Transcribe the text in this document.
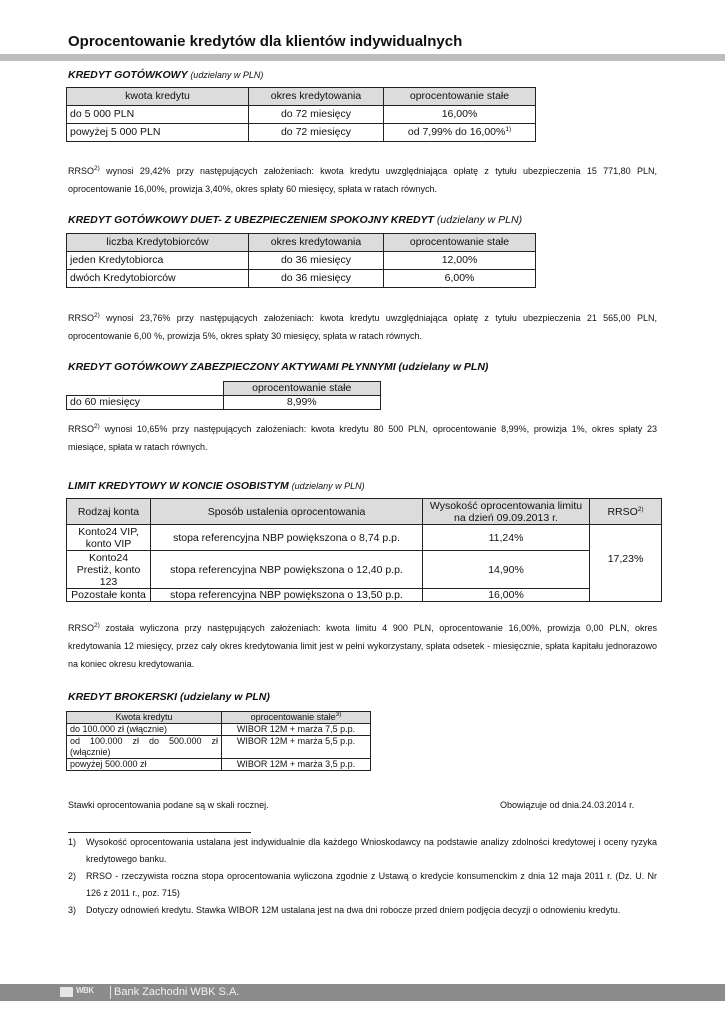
Oprocentowanie kredytów dla klientów indywidualnych
KREDYT GOTÓWKOWY (udzielany w PLN)
kwota kredytu	okres kredytowania	oprocentowanie stałe
do 5 000 PLN	do 72 miesięcy	16,00%
powyżej 5 000 PLN	do 72 miesięcy	od 7,99% do 16,00%$^{1)}$
RRSO$^{2)}$ wynosi 29,42% przy następujących założeniach: kwota kredytu uwzględniająca opłatę z tytułu ubezpieczenia 15 771,80 PLN, oprocentowanie 16,00%, prowizja 3,40%, okres spłaty 60 miesięcy, spłata w ratach równych.
KREDYT GOTÓWKOWY DUET- Z UBEZPIECZENIEM SPOKOJNY KREDYT (udzielany w PLN)
liczba Kredytobiorców	okres kredytowania	oprocentowanie stałe
jeden Kredytobiorca	do 36 miesięcy	12,00%
dwóch Kredytobiorców	do 36 miesięcy	6,00%
RRSO$^{2)}$ wynosi 23,76% przy następujących założeniach: kwota kredytu uwzględniająca opłatę z tytułu ubezpieczenia 21 565,00 PLN, oprocentowanie 6,00 %, prowizja 5%, okres spłaty 30 miesięcy, spłata w ratach równych.
KREDYT GOTÓWKOWY ZABEZPIECZONY AKTYWAMI PŁYNNYMI (udzielany w PLN)
	oprocentowanie stałe
do 60 miesięcy	8,99%
RRSO$^{2)}$ wynosi 10,65% przy następujących założeniach: kwota kredytu 80 500 PLN, oprocentowanie 8,99%, prowizja 1%, okres spłaty 23 miesiące, spłata w ratach równych.
LIMIT KREDYTOWY W KONCIE OSOBISTYM (udzielany w PLN)
Rodzaj konta	Sposób ustalenia oprocentowania	Wysokość oprocentowania limitu na dzień 09.09.2013 r.	RRSO$^{2)}$
Konto24 VIP, konto VIP	stopa referencyjna NBP powiększona o 8,74 p.p.	11,24%	17,23%
Konto24 Prestiż, konto 123	stopa referencyjna NBP powiększona o 12,40 p.p.	14,90%	
Pozostałe konta	stopa referencyjna NBP powiększona o 13,50 p.p.	16,00%	
RRSO$^{2)}$ została wyliczona przy następujących założeniach: kwota limitu 4 900 PLN, oprocentowanie 16,00%, prowizja 0,00 PLN, okres kredytowania 12 miesięcy, przez cały okres kredytowania limit jest w pełni wykorzystany, spłata odsetek - miesięcznie, spłata kapitału jednorazowo na koniec okresu kredytowania.
KREDYT BROKERSKI (udzielany w PLN)
Kwota kredytu	oprocentowanie stałe$^{3)}$
do 100.000 zł (włącznie)	WIBOR 12M + marża 7,5 p.p.
od 100.000 zł do 500.000 zł (włącznie)	WIBOR 12M + marża 5,5 p.p.
powyżej 500.000 zł	WIBOR 12M + marża 3,5 p.p.
Stawki oprocentowania podane są w skali rocznej.	Obowiązuje od dnia.24.03.2014 r.
1) Wysokość oprocentowania ustalana jest indywidualnie dla każdego Wnioskodawcy na podstawie analizy zdolności kredytowej i oceny ryzyka kredytowego banku.
2) RRSO - rzeczywista roczna stopa oprocentowania wyliczona zgodnie z Ustawą o kredycie konsumenckim z dnia 12 maja 2011 r. (Dz. U. Nr 126 z 2011 r., poz. 715)
3) Dotyczy odnowień kredytu. Stawka WIBOR 12M ustalana jest na dwa dni robocze przed dniem podjęcia decyzji o odnowieniu kredytu.
WBK Bank Zachodni WBK S.A.
